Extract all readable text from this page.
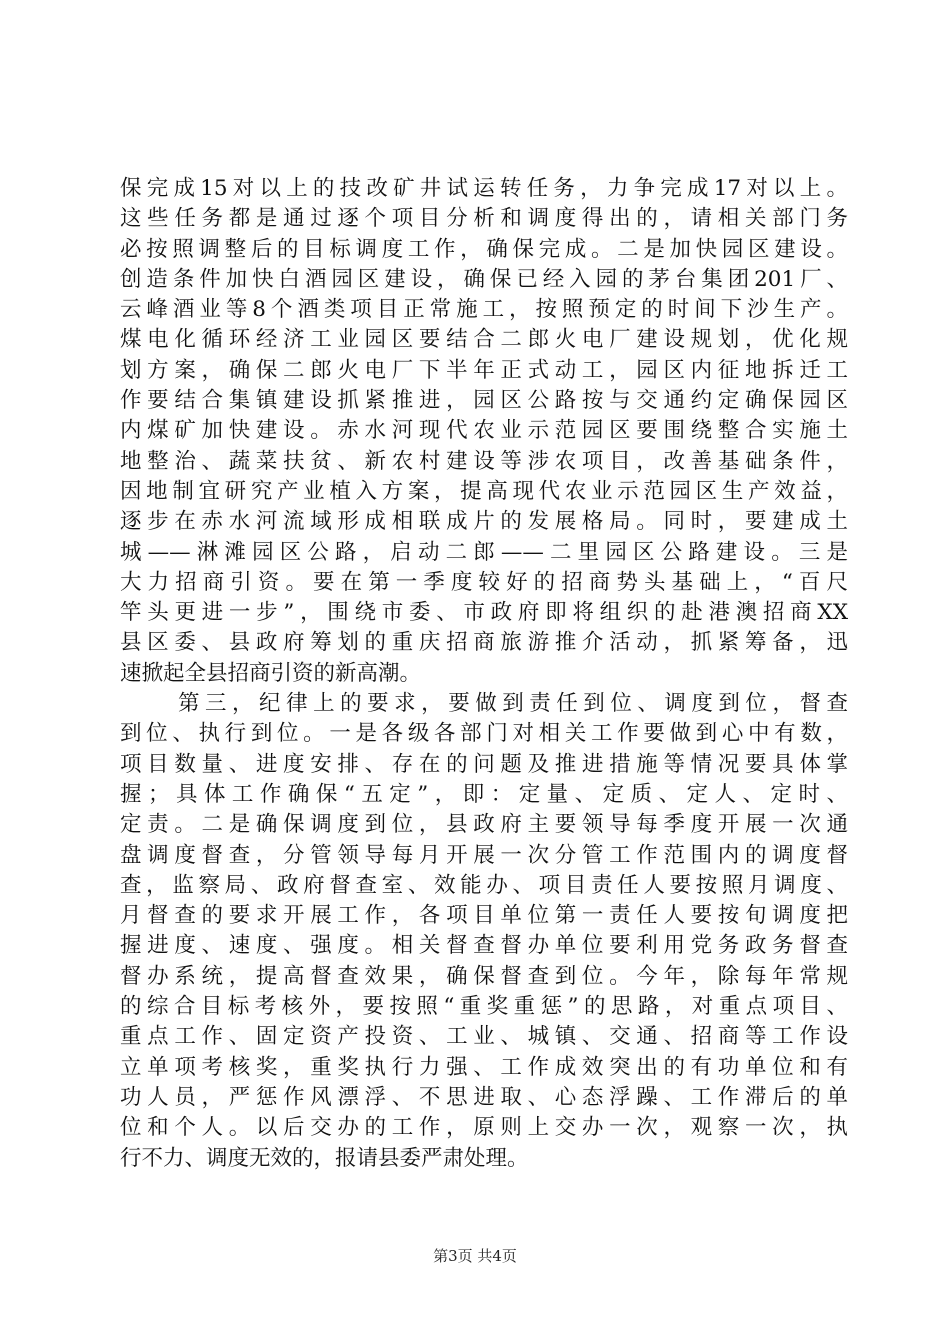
保完成15对以上的技改矿井试运转任务，力争完成17对以上。
这些任务都是通过逐个项目分析和调度得出的，请相关部门务
必按照调整后的目标调度工作，确保完成。二是加快园区建设。
创造条件加快白酒园区建设，确保已经入园的茅台集团201厂、
云峰酒业等8个酒类项目正常施工，按照预定的时间下沙生产。
煤电化循环经济工业园区要结合二郎火电厂建设规划，优化规
划方案，确保二郎火电厂下半年正式动工，园区内征地拆迁工
作要结合集镇建设抓紧推进，园区公路按与交通约定确保园区
内煤矿加快建设。赤水河现代农业示范园区要围绕整合实施土
地整治、蔬菜扶贫、新农村建设等涉农项目，改善基础条件，
因地制宜研究产业植入方案，提高现代农业示范园区生产效益，
逐步在赤水河流域形成相联成片的发展格局。同时，要建成土
城——淋滩园区公路，启动二郎——二里园区公路建设。三是
大力招商引资。要在第一季度较好的招商势头基础上，“百尺
竿头更进一步”，围绕市委、市政府即将组织的赴港澳招商XX
县区委、县政府筹划的重庆招商旅游推介活动，抓紧筹备，迅
速掀起全县招商引资的新高潮。
第三，纪律上的要求，要做到责任到位、调度到位，督查
到位、执行到位。一是各级各部门对相关工作要做到心中有数，
项目数量、进度安排、存在的问题及推进措施等情况要具体掌
握；具体工作确保“五定”，即：定量、定质、定人、定时、
定责。二是确保调度到位，县政府主要领导每季度开展一次通
盘调度督查，分管领导每月开展一次分管工作范围内的调度督
查，监察局、政府督查室、效能办、项目责任人要按照月调度、
月督查的要求开展工作，各项目单位第一责任人要按旬调度把
握进度、速度、强度。相关督查督办单位要利用党务政务督查
督办系统，提高督查效果，确保督查到位。今年，除每年常规
的综合目标考核外，要按照“重奖重惩”的思路，对重点项目、
重点工作、固定资产投资、工业、城镇、交通、招商等工作设
立单项考核奖，重奖执行力强、工作成效突出的有功单位和有
功人员，严惩作风漂浮、不思进取、心态浮躁、工作滞后的单
位和个人。以后交办的工作，原则上交办一次，观察一次，执
行不力、调度无效的，报请县委严肃处理。
第3页 共4页
